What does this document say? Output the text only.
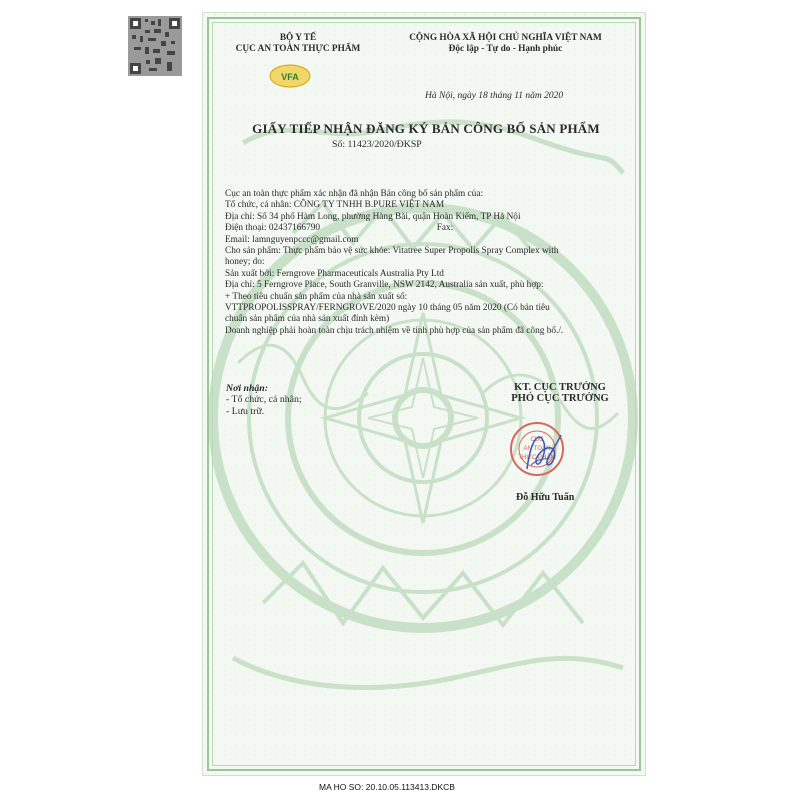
BỘ Y TẾ
CỤC AN TOÀN THỰC PHẨM
VFA
CỘNG HÒA XÃ HỘI CHỦ NGHĨA VIỆT NAM
Độc lập - Tự do - Hạnh phúc
Hà Nội, ngày 18 tháng 11 năm 2020
GIẤY TIẾP NHẬN ĐĂNG KÝ BẢN CÔNG BỐ SẢN PHẨM
Số: 11423/2020/ĐKSP

Cục an toàn thực phẩm xác nhận đã nhận Bản công bố sản phẩm của:

Tổ chức, cá nhân: CÔNG TY TNHH B.PURE VIỆT NAM

Địa chỉ: Số 34 phố Hàm Long, phường Hàng Bài, quận Hoàn Kiếm, TP Hà Nội

Điện thoại: 02437166790	Fax:

Email: lamnguyenpccc@gmail.com

Cho sản phẩm: Thực phẩm bảo vệ sức khỏe: Vitatree Super Propolis Spray Complex with

honey; do:

Sản xuất bởi: Ferngrove Pharmaceuticals Australia Pty Ltd

Địa chỉ: 5 Ferngrove Place, South Granville, NSW 2142, Australia sản xuất, phù hợp:

+ Theo tiêu chuẩn sản phẩm của nhà sản xuất số:

VTTPROPOLISSPRAY/FERNGROVE/2020 ngày 10 tháng 05 năm 2020 (Có bản tiêu

chuẩn sản phẩm của nhà sản xuất đính kèm)

Doanh nghiệp phải hoàn toàn chịu trách nhiệm về tính phù hợp của sản phẩm đã công bố./.

Nơi nhận:
- Tổ chức, cá nhân;
- Lưu trữ.
KT. CỤC TRƯỞNG
PHÓ CỤC TRƯỞNG
CỤC
AN TOÀN
THỰC PHẨM
Đỗ Hữu Tuấn
MA HO SO: 20.10.05.113413.DKCB
